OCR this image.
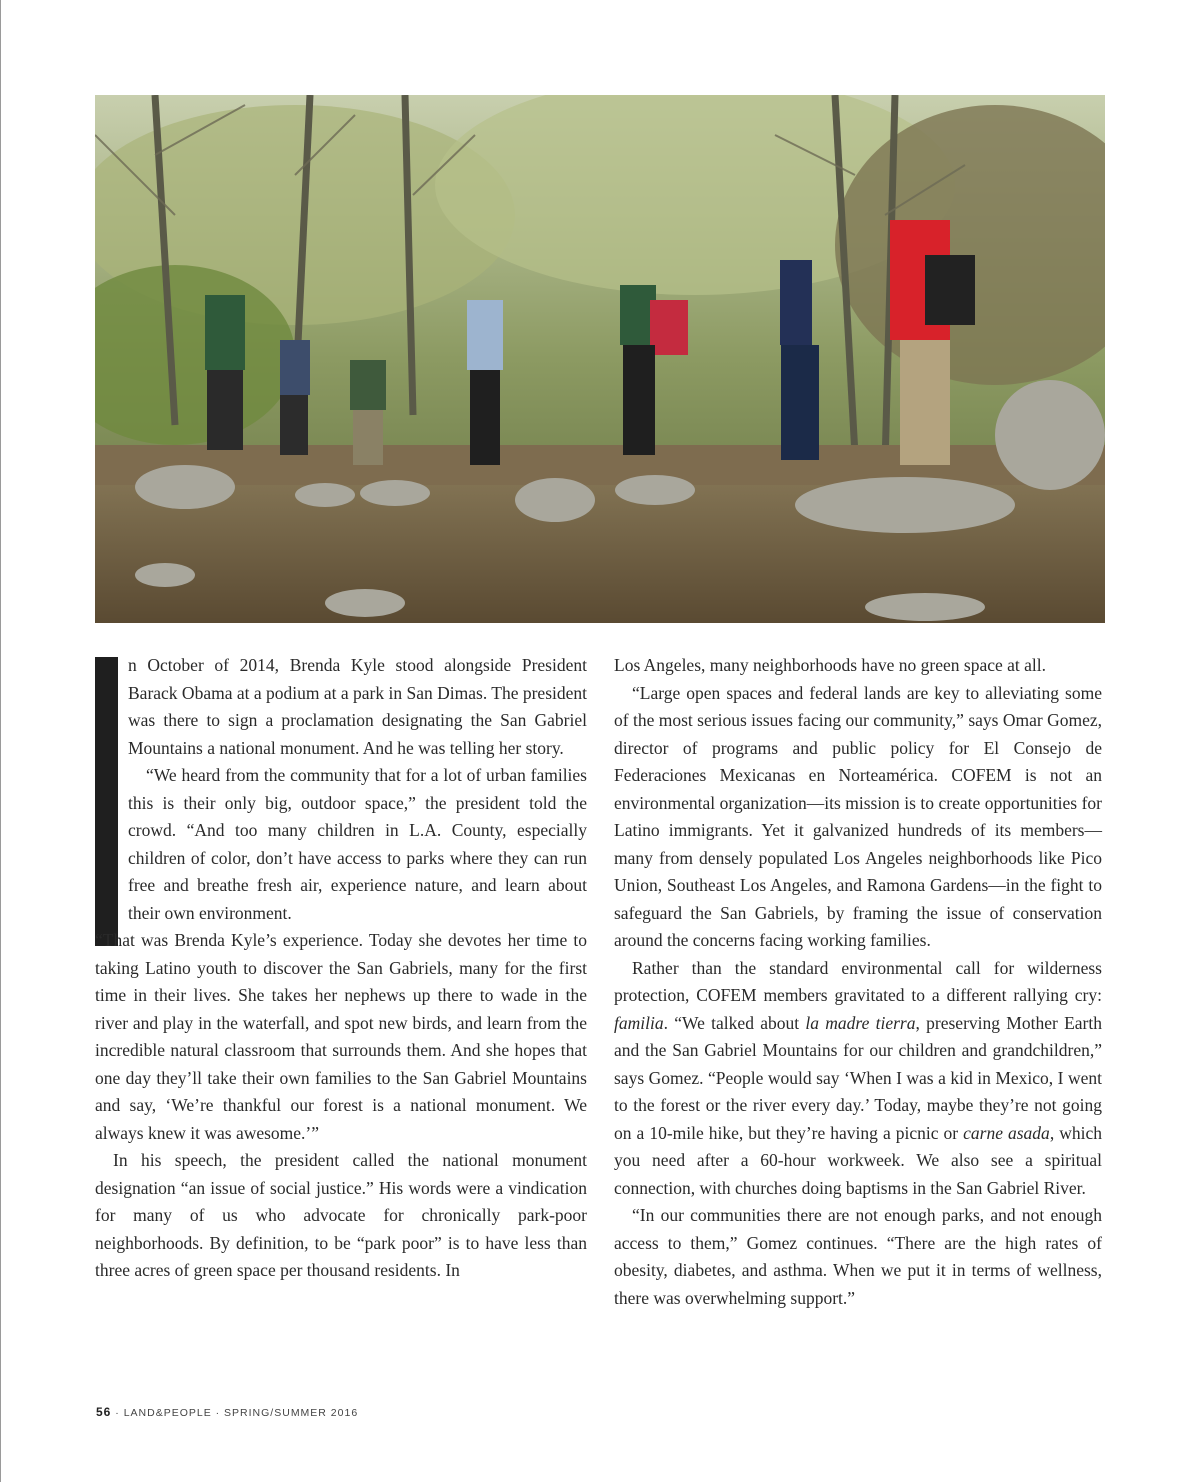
n October of 2014, Brenda Kyle stood alongside President Barack Obama at a podium at a park in San Dimas. The president was there to sign a proclamation designating the San Gabriel Mountains a national monument. And he was telling her story.

“We heard from the community that for a lot of urban families this is their only big, outdoor space,” the president told the crowd. “And too many children in L.A. County, especially children of color, don’t have access to parks where they can run free and breathe fresh air, experience nature, and learn about their own environment.

“That was Brenda Kyle’s experience. Today she devotes her time to taking Latino youth to discover the San Gabriels, many for the first time in their lives. She takes her nephews up there to wade in the river and play in the waterfall, and spot new birds, and learn from the incredible natural classroom that surrounds them. And she hopes that one day they’ll take their own families to the San Gabriel Mountains and say, ‘We’re thankful our forest is a national monument. We always knew it was awesome.’”

In his speech, the president called the national monument designation “an issue of social justice.” His words were a vindication for many of us who advocate for chronically park-poor neighborhoods. By definition, to be “park poor” is to have less than three acres of green space per thousand residents. In

Los Angeles, many neighborhoods have no green space at all.

“Large open spaces and federal lands are key to alleviating some of the most serious issues facing our community,” says Omar Gomez, director of programs and public policy for El Consejo de Federaciones Mexicanas en Norteamérica. COFEM is not an environmental organization—its mission is to create opportunities for Latino immigrants. Yet it galvanized hundreds of its members—many from densely populated Los Angeles neighborhoods like Pico Union, Southeast Los Angeles, and Ramona Gardens—in the fight to safeguard the San Gabriels, by framing the issue of conservation around the concerns facing working families.

Rather than the standard environmental call for wilderness protection, COFEM members gravitated to a different rallying cry: familia. “We talked about la madre tierra, preserving Mother Earth and the San Gabriel Mountains for our children and grandchildren,” says Gomez. “People would say ‘When I was a kid in Mexico, I went to the forest or the river every day.’ Today, maybe they’re not going on a 10-mile hike, but they’re having a picnic or carne asada, which you need after a 60-hour workweek. We also see a spiritual connection, with churches doing baptisms in the San Gabriel River.

“In our communities there are not enough parks, and not enough access to them,” Gomez continues. “There are the high rates of obesity, diabetes, and asthma. When we put it in terms of wellness, there was overwhelming support.”

56 · LAND&PEOPLE · SPRING/SUMMER 2016
